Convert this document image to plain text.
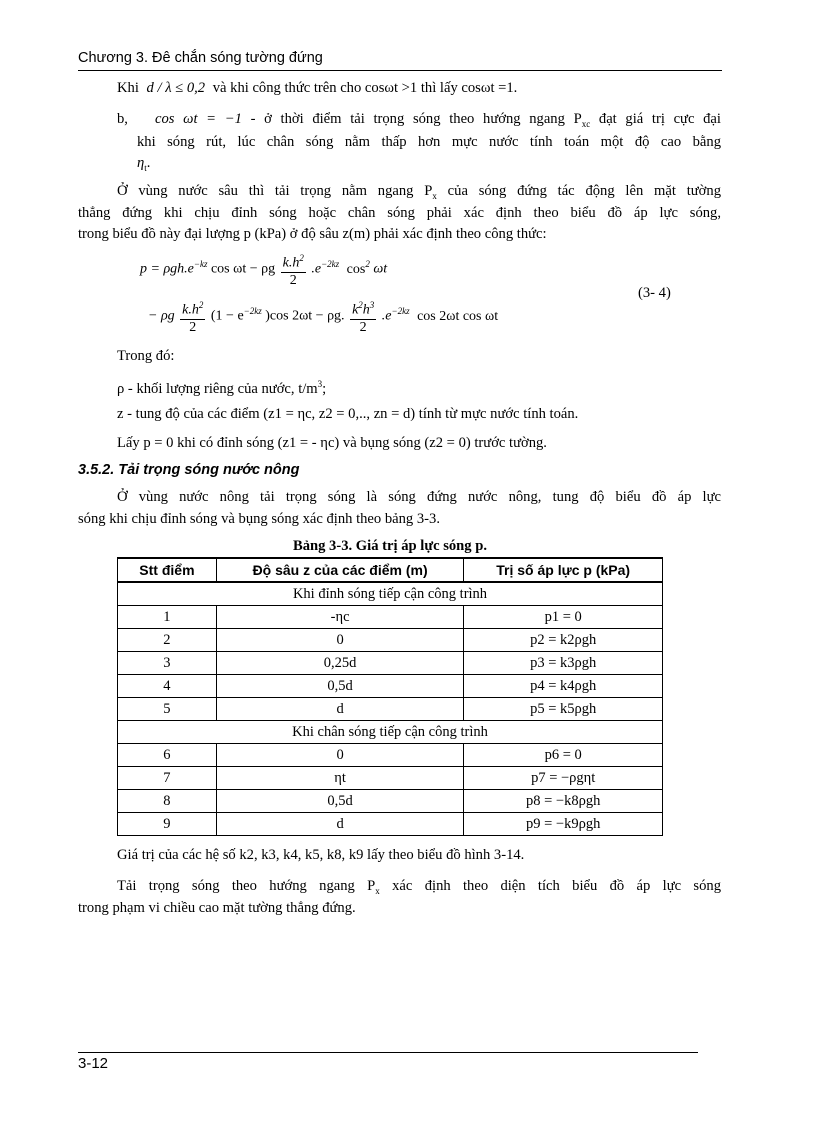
Chương 3. Đê chắn sóng tường đứng
Khi d / λ ≤ 0,2 và khi công thức trên cho cosωt >1 thì lấy cosωt =1.
b, cos ωt = −1 - ở thời điểm tải trọng sóng theo hướng ngang $P_{xc}$ đạt giá trị cực đại
khi sóng rút, lúc chân sóng nằm thấp hơn mực nước tính toán một độ cao bằng
$\eta_t$.
Ở vùng nước sâu thì tải trọng nằm ngang $P_x$ của sóng đứng tác động lên mặt tường
thẳng đứng khi chịu đỉnh sóng hoặc chân sóng phải xác định theo biểu đồ áp lực sóng,
trong biểu đồ này đại lượng p (kPa) ở độ sâu z(m) phải xác định theo công thức:
$p = \rho gh.e^{-kz}$ cos ωt − ρg $\frac{k.h^2}{2} .e^{-2kz}$ $\cos^2 \omega t$
(3- 4)
− ρg $\frac{k.h^2}{2} (1 - e^{-2kz}$ )cos 2ωt − ρg. $\frac{k^2h^3}{2} .e^{-2kz}$ cos 2ωt cos ωt
Trong đó:
ρ - khối lượng riêng của nước, $t/m^3$;
z - tung độ của các điểm (z1 = ηc, z2 = 0,.., zn = d) tính từ mực nước tính toán.
Lấy p = 0 khi có đỉnh sóng (z1 = - ηc) và bụng sóng (z2 = 0) trước tường.
3.5.2. Tải trọng sóng nước nông
Ở vùng nước nông tải trọng sóng là sóng đứng nước nông, tung độ biểu đồ áp lực
sóng khi chịu đỉnh sóng và bụng sóng xác định theo bảng 3-3.
Bảng 3-3. Giá trị áp lực sóng p.
Stt điểm	Độ sâu z của các điểm (m)	Trị số áp lực p (kPa)
Khi đỉnh sóng tiếp cận công trình		
1	-ηc	p1 = 0
2	0	p2 = k2ρgh
3	0,25d	p3 = k3ρgh
4	0,5d	p4 = k4ρgh
5	d	p5 = k5ρgh
Khi chân sóng tiếp cận công trình		
6	0	p6 = 0
7	ηt	p7 = −ρgηt
8	0,5d	p8 = −k8ρgh
9	d	p9 = −k9ρgh
Giá trị của các hệ số k2, k3, k4, k5, k8, k9 lấy theo biểu đồ hình 3-14.
Tải trọng sóng theo hướng ngang $P_x$ xác định theo diện tích biểu đồ áp lực sóng
trong phạm vi chiều cao mặt tường thẳng đứng.
3-12
